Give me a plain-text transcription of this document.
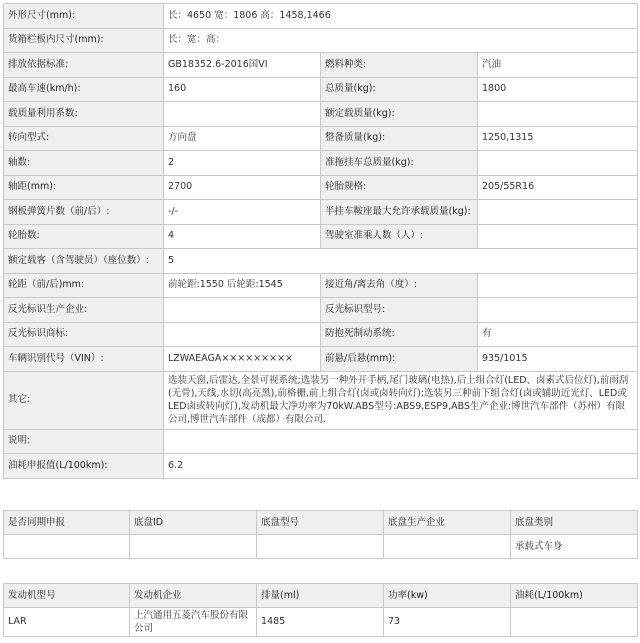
外形尺寸(mm):	长：4650 宽：1806 高：1458,1466		
货箱栏板内尺寸(mm):	长：宽：高：		
排放依据标准:	GB18352.6-2016国VI	燃料种类:	汽油
最高车速(km/h):	160	总质量(kg):	1800
载质量利用系数:		额定载质量(kg):	
转向型式:	方向盘	整备质量(kg):	1250,1315
轴数:	2	准拖挂车总质量(kg):	
轴距(mm):	2700	轮胎规格:	205/55R16
钢板弹簧片数（前/后）:	-/-	半挂车鞍座最大允许承载质量(kg):	
轮胎数:	4	驾驶室准乘人数（人）:	
额定载客（含驾驶员）（座位数）:	5		
轮距（前/后)mm:	前轮距:1550 后轮距:1545	接近角/离去角（度）:	
反光标识生产企业:		反光标识型号:	
反光标识商标:		防抱死制动系统:	有
车辆识别代号（VIN）:	LZWAEAGA×××××××××	前悬/后悬(mm):	935/1015
其它:	选装天窗,后雷达,全景可视系统;选装另一种外开手柄,尾门玻璃(电热),后上组合灯(LED、卤素式后位灯),前雨刮(无骨),天线,水切(高亮黑),前格栅,前上组合灯(卤或卤转向灯);选装另三种前下组合灯(卤或辅助近光灯、LED或LED卤或转向灯),发动机最大净功率为70kW.ABS型号:ABS9,ESP9,ABS生产企业:博世汽车部件（苏州）有限公司,博世汽车部件（成都）有限公司.		
说明:			
油耗申报值(L/100km):	6.2		
是否同期申报	底盘ID	底盘型号	底盘生产企业	底盘类别
				承载式车身
发动机型号	发动机企业	排量(ml)	功率(kw)	油耗(L/100km)
LAR	上汽通用五菱汽车股份有限公司	1485	73	
